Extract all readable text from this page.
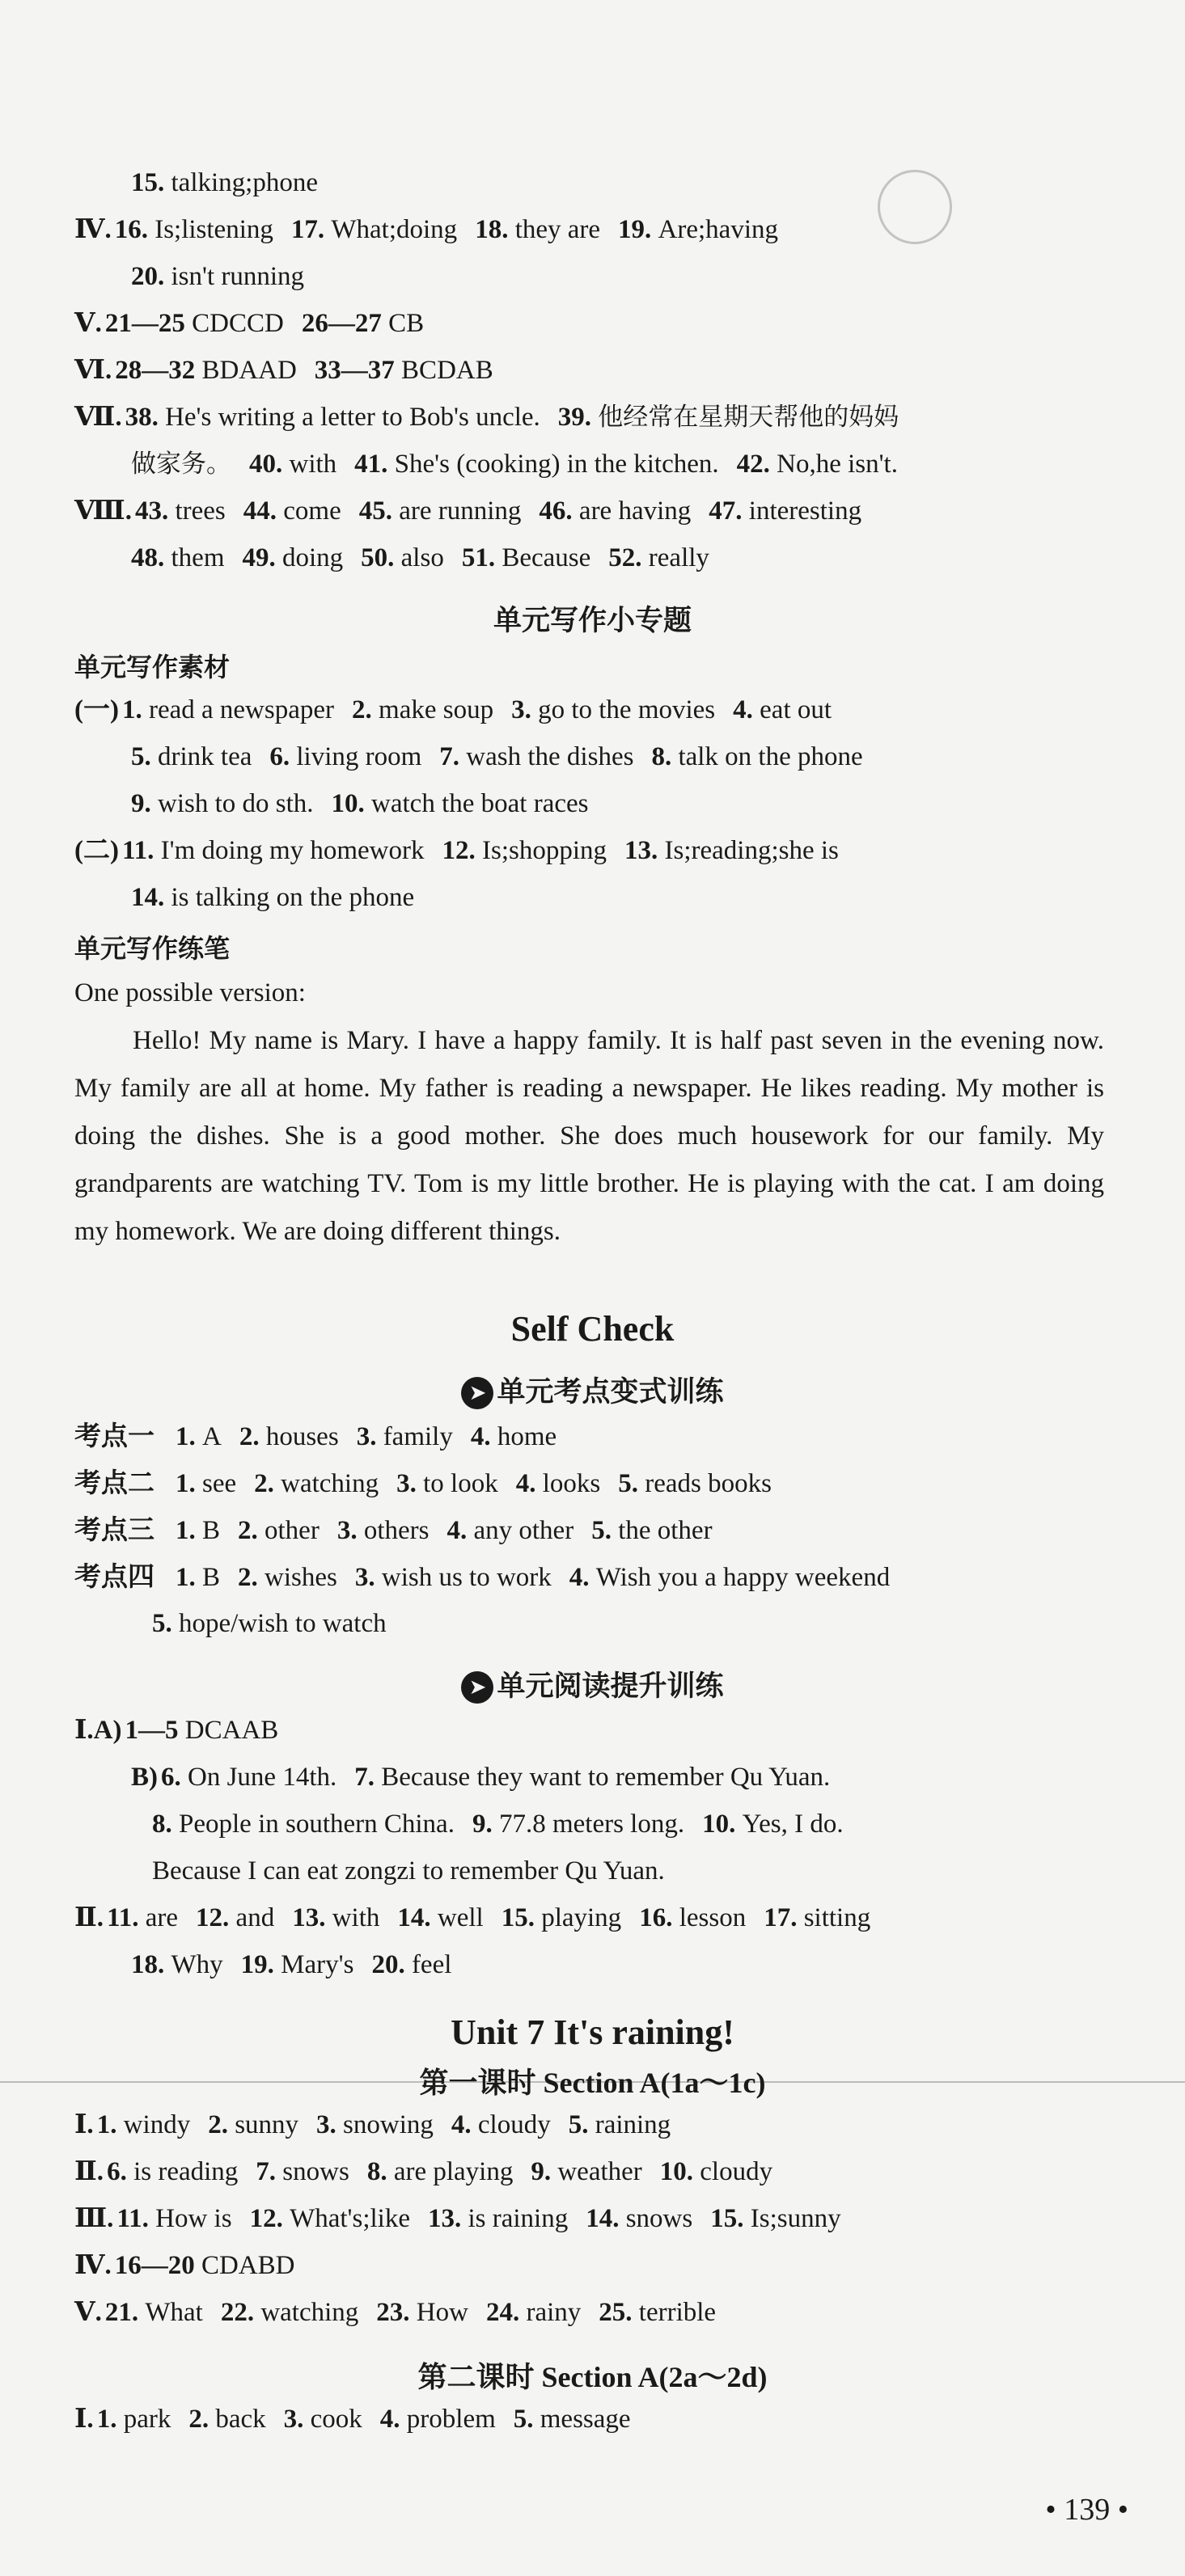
15. talking;phone
Ⅳ. 16. Is;listening 17. What;doing 18. they are 19. Are;having
20. isn't running
Ⅴ. 21—25 CDCCD 26—27 CB
Ⅵ. 28—32 BDAAD 33—37 BCDAB
Ⅶ. 38. He's writing a letter to Bob's uncle. 39. 他经常在星期天帮他的妈妈
做家务。 40. with 41. She's (cooking) in the kitchen. 42. No,he isn't.
Ⅷ. 43. trees 44. come 45. are running 46. are having 47. interesting
48. them 49. doing 50. also 51. Because 52. really
单元写作小专题
单元写作素材
(一) 1. read a newspaper 2. make soup 3. go to the movies 4. eat out
5. drink tea 6. living room 7. wash the dishes 8. talk on the phone
9. wish to do sth. 10. watch the boat races
(二) 11. I'm doing my homework 12. Is;shopping 13. Is;reading;she is
14. is talking on the phone
单元写作练笔
One possible version:
Hello! My name is Mary. I have a happy family. It is half past seven in the evening now. My family are all at home. My father is reading a newspaper. He likes reading. My mother is doing the dishes. She is a good mother. She does much housework for our family. My grandparents are watching TV. Tom is my little brother. He is playing with the cat. I am doing my homework. We are doing different things.
Self Check
➤ 单元考点变式训练
考点一 1. A 2. houses 3. family 4. home
考点二 1. see 2. watching 3. to look 4. looks 5. reads books
考点三 1. B 2. other 3. others 4. any other 5. the other
考点四 1. B 2. wishes 3. wish us to work 4. Wish you a happy weekend
5. hope/wish to watch
➤ 单元阅读提升训练
Ⅰ.A) 1—5 DCAAB
B) 6. On June 14th. 7. Because they want to remember Qu Yuan.
8. People in southern China. 9. 77.8 meters long. 10. Yes, I do.
Because I can eat zongzi to remember Qu Yuan.
Ⅱ. 11. are 12. and 13. with 14. well 15. playing 16. lesson 17. sitting
18. Why 19. Mary's 20. feel
Unit 7 It's raining!
第一课时 Section A(1a～1c)
Ⅰ. 1. windy 2. sunny 3. snowing 4. cloudy 5. raining
Ⅱ. 6. is reading 7. snows 8. are playing 9. weather 10. cloudy
Ⅲ. 11. How is 12. What's;like 13. is raining 14. snows 15. Is;sunny
Ⅳ. 16—20 CDABD
Ⅴ. 21. What 22. watching 23. How 24. rainy 25. terrible
第二课时 Section A(2a～2d)
Ⅰ. 1. park 2. back 3. cook 4. problem 5. message
• 139 •
